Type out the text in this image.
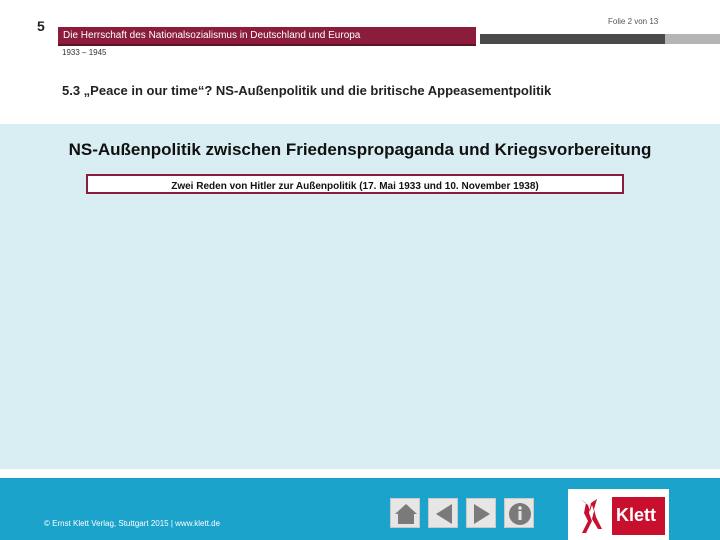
5	Folie 2 von 13
Die Herrschaft des Nationalsozialismus in Deutschland und Europa
1933 – 1945
5.3 „Peace in our time“? NS-Außenpolitik und die britische Appeasementpolitik
NS-Außenpolitik zwischen Friedenspropaganda und Kriegsvorbereitung
Zwei Reden von Hitler zur Außenpolitik (17. Mai 1933 und 10. November 1938)
© Ernst Klett Verlag, Stuttgart 2015 | www.klett.de	Klett
